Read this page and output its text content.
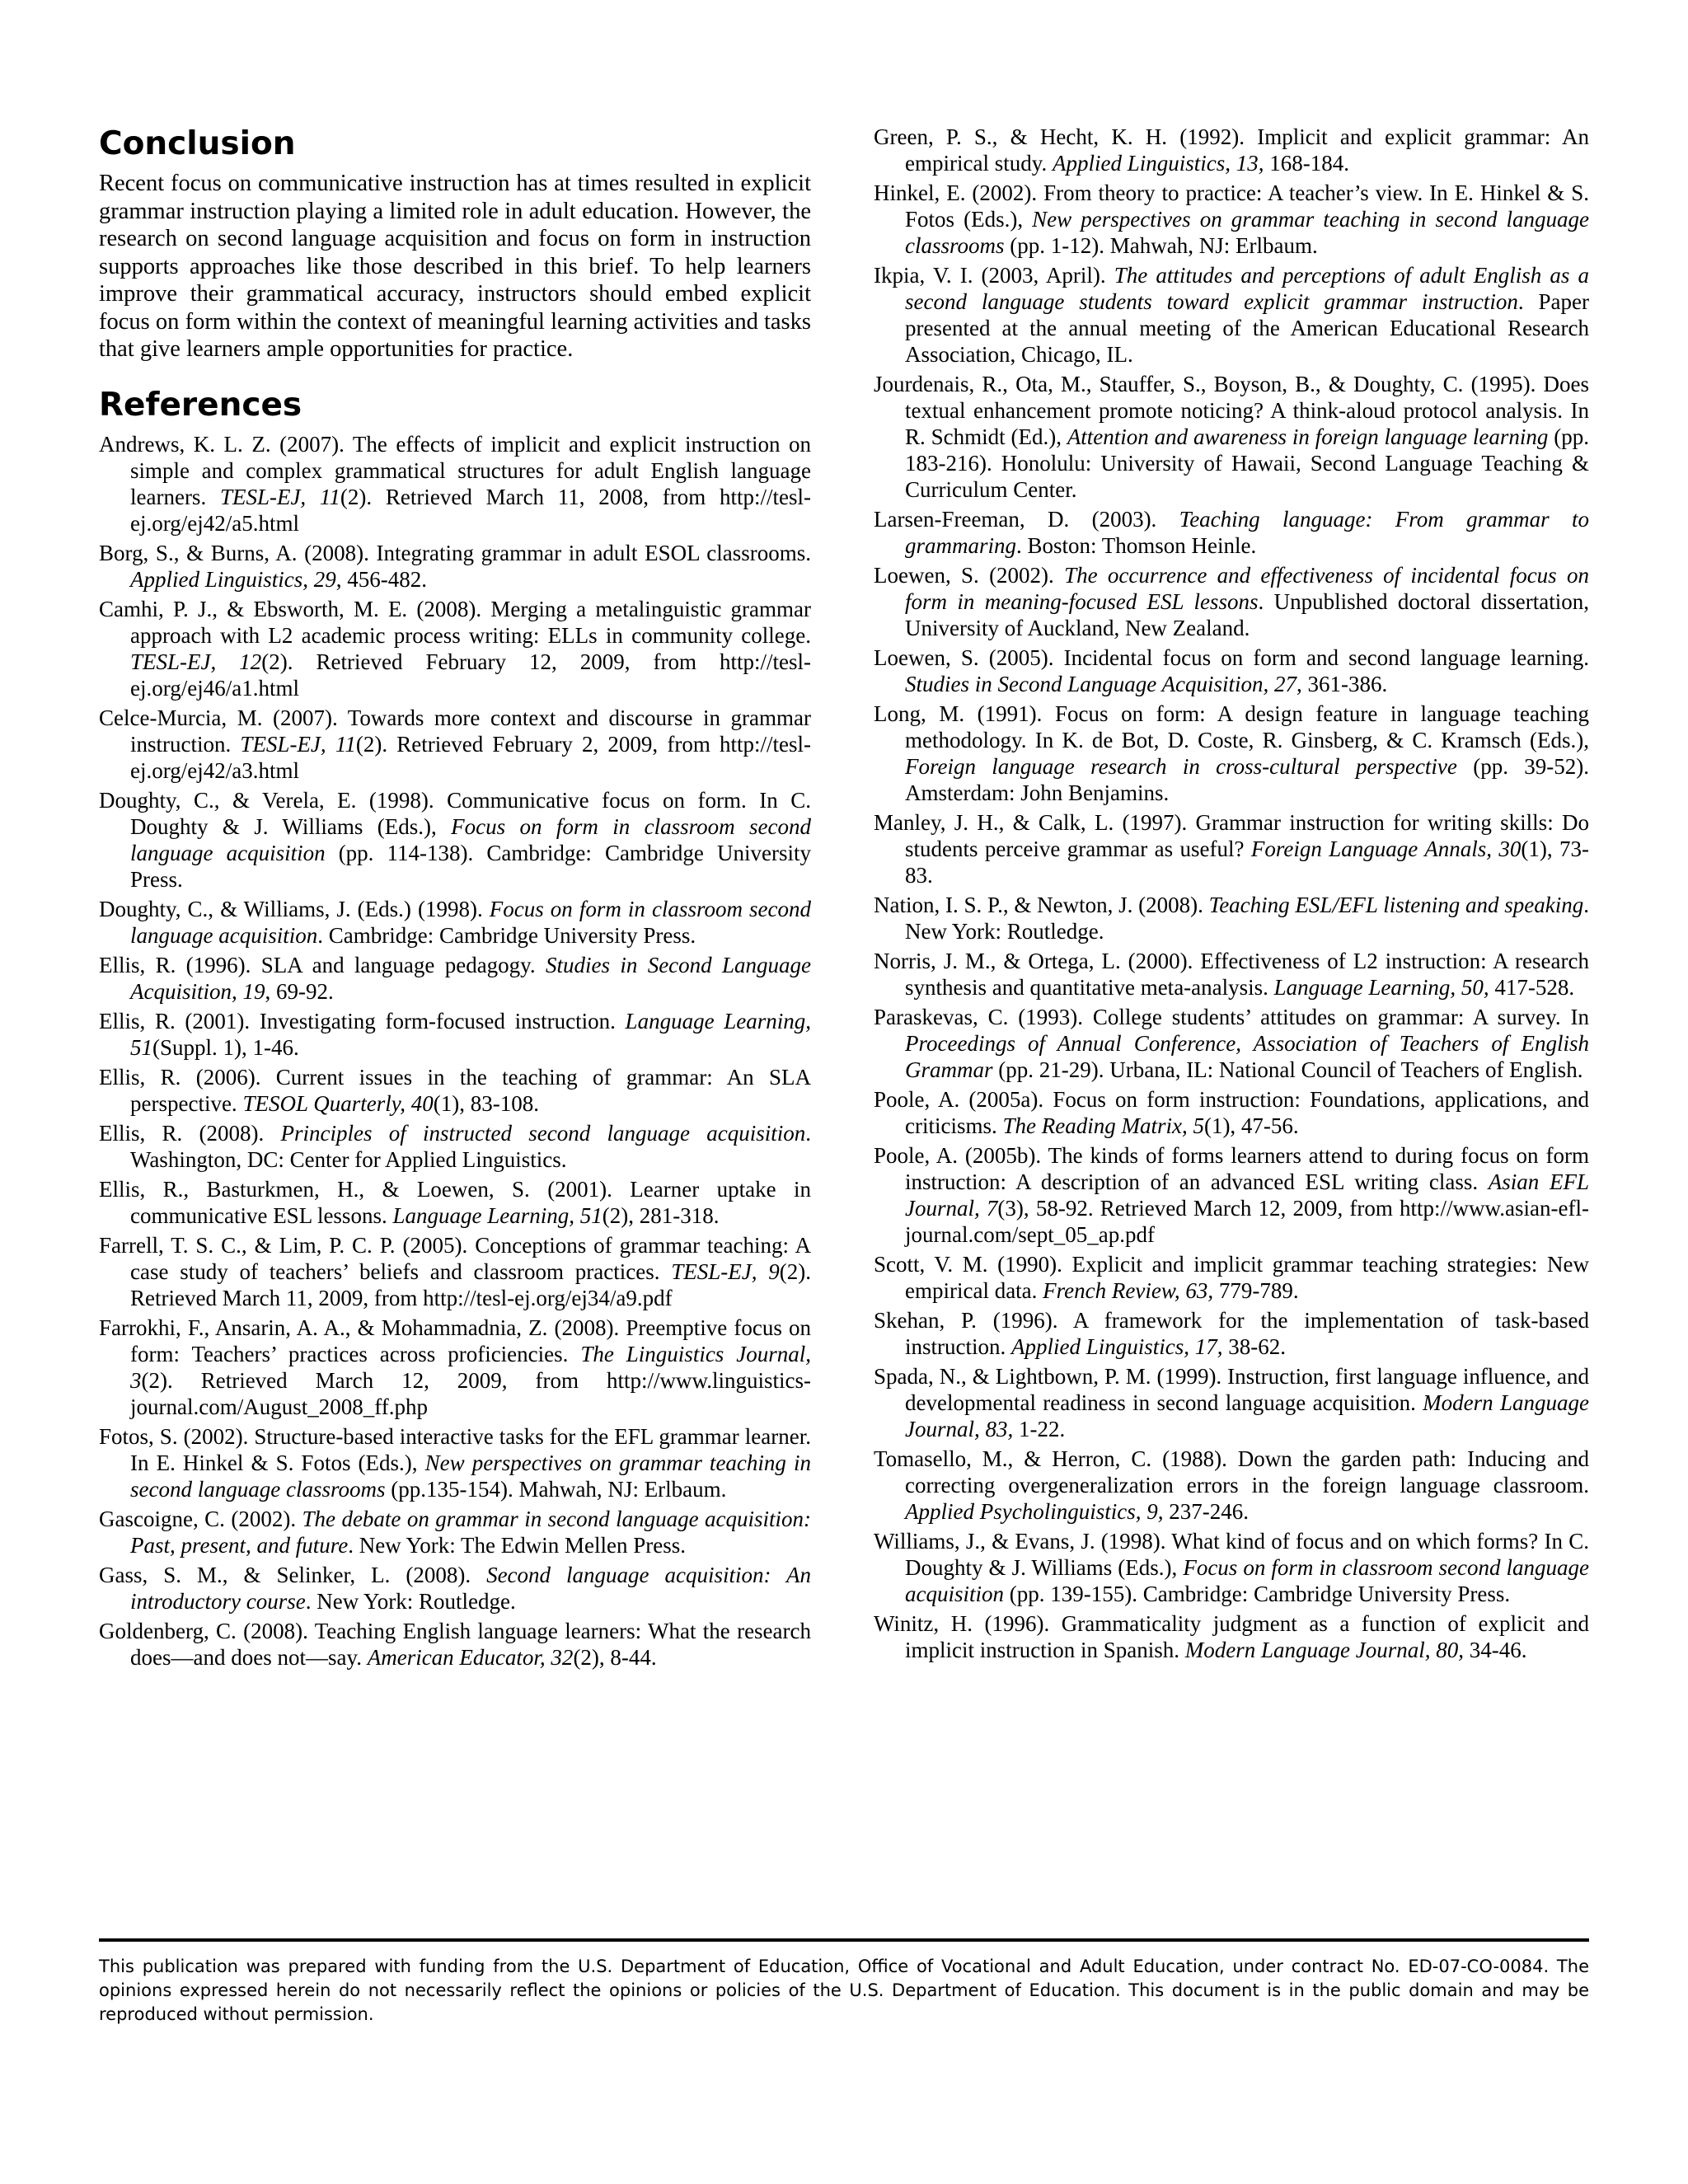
Conclusion

Recent focus on communicative instruction has at times resulted in explicit grammar instruction playing a limited role in adult education. However, the research on second language acquisition and focus on form in instruction supports approaches like those described in this brief. To help learners improve their grammatical accuracy, instructors should embed explicit focus on form within the context of meaningful learning activities and tasks that give learners ample opportunities for practice.

References
Andrews, K. L. Z. (2007). The effects of implicit and explicit instruction on simple and complex grammatical structures for adult English language learners. TESL-EJ, 11(2). Retrieved March 11, 2008, from http://tesl-ej.org/ej42/a5.html
Borg, S., & Burns, A. (2008). Integrating grammar in adult ESOL classrooms. Applied Linguistics, 29, 456-482.
Camhi, P. J., & Ebsworth, M. E. (2008). Merging a metalinguistic grammar approach with L2 academic process writing: ELLs in community college. TESL-EJ, 12(2). Retrieved February 12, 2009, from http://tesl-ej.org/ej46/a1.html
Celce-Murcia, M. (2007). Towards more context and discourse in grammar instruction. TESL-EJ, 11(2). Retrieved February 2, 2009, from http://tesl-ej.org/ej42/a3.html
Doughty, C., & Verela, E. (1998). Communicative focus on form. In C. Doughty & J. Williams (Eds.), Focus on form in classroom second language acquisition (pp. 114-138). Cambridge: Cambridge University Press.
Doughty, C., & Williams, J. (Eds.) (1998). Focus on form in classroom second language acquisition. Cambridge: Cambridge University Press.
Ellis, R. (1996). SLA and language pedagogy. Studies in Second Language Acquisition, 19, 69-92.
Ellis, R. (2001). Investigating form-focused instruction. Language Learning, 51(Suppl. 1), 1-46.
Ellis, R. (2006). Current issues in the teaching of grammar: An SLA perspective. TESOL Quarterly, 40(1), 83-108.
Ellis, R. (2008). Principles of instructed second language acquisition. Washington, DC: Center for Applied Linguistics.
Ellis, R., Basturkmen, H., & Loewen, S. (2001). Learner uptake in communicative ESL lessons. Language Learning, 51(2), 281-318.
Farrell, T. S. C., & Lim, P. C. P. (2005). Conceptions of grammar teaching: A case study of teachers’ beliefs and classroom practices. TESL-EJ, 9(2). Retrieved March 11, 2009, from http://tesl-ej.org/ej34/a9.pdf
Farrokhi, F., Ansarin, A. A., & Mohammadnia, Z. (2008). Preemptive focus on form: Teachers’ practices across proficiencies. The Linguistics Journal, 3(2). Retrieved March 12, 2009, from http://www.linguistics-journal.com/August_2008_ff.php
Fotos, S. (2002). Structure-based interactive tasks for the EFL grammar learner. In E. Hinkel & S. Fotos (Eds.), New perspectives on grammar teaching in second language classrooms (pp.135-154). Mahwah, NJ: Erlbaum.
Gascoigne, C. (2002). The debate on grammar in second language acquisition: Past, present, and future. New York: The Edwin Mellen Press.
Gass, S. M., & Selinker, L. (2008). Second language acquisition: An introductory course. New York: Routledge.
Goldenberg, C. (2008). Teaching English language learners: What the research does—and does not—say. American Educator, 32(2), 8-44.
Green, P. S., & Hecht, K. H. (1992). Implicit and explicit grammar: An empirical study. Applied Linguistics, 13, 168-184.
Hinkel, E. (2002). From theory to practice: A teacher’s view. In E. Hinkel & S. Fotos (Eds.), New perspectives on grammar teaching in second language classrooms (pp. 1-12). Mahwah, NJ: Erlbaum.
Ikpia, V. I. (2003, April). The attitudes and perceptions of adult English as a second language students toward explicit grammar instruction. Paper presented at the annual meeting of the American Educational Research Association, Chicago, IL.
Jourdenais, R., Ota, M., Stauffer, S., Boyson, B., & Doughty, C. (1995). Does textual enhancement promote noticing? A think-aloud protocol analysis. In R. Schmidt (Ed.), Attention and awareness in foreign language learning (pp. 183-216). Honolulu: University of Hawaii, Second Language Teaching & Curriculum Center.
Larsen-Freeman, D. (2003). Teaching language: From grammar to grammaring. Boston: Thomson Heinle.
Loewen, S. (2002). The occurrence and effectiveness of incidental focus on form in meaning-focused ESL lessons. Unpublished doctoral dissertation, University of Auckland, New Zealand.
Loewen, S. (2005). Incidental focus on form and second language learning. Studies in Second Language Acquisition, 27, 361-386.
Long, M. (1991). Focus on form: A design feature in language teaching methodology. In K. de Bot, D. Coste, R. Ginsberg, & C. Kramsch (Eds.), Foreign language research in cross-cultural perspective (pp. 39-52). Amsterdam: John Benjamins.
Manley, J. H., & Calk, L. (1997). Grammar instruction for writing skills: Do students perceive grammar as useful? Foreign Language Annals, 30(1), 73-83.
Nation, I. S. P., & Newton, J. (2008). Teaching ESL/EFL listening and speaking. New York: Routledge.
Norris, J. M., & Ortega, L. (2000). Effectiveness of L2 instruction: A research synthesis and quantitative meta-analysis. Language Learning, 50, 417-528.
Paraskevas, C. (1993). College students’ attitudes on grammar: A survey. In Proceedings of Annual Conference, Association of Teachers of English Grammar (pp. 21-29). Urbana, IL: National Council of Teachers of English.
Poole, A. (2005a). Focus on form instruction: Foundations, applications, and criticisms. The Reading Matrix, 5(1), 47-56.
Poole, A. (2005b). The kinds of forms learners attend to during focus on form instruction: A description of an advanced ESL writing class. Asian EFL Journal, 7(3), 58-92. Retrieved March 12, 2009, from http://www.asian-efl-journal.com/sept_05_ap.pdf
Scott, V. M. (1990). Explicit and implicit grammar teaching strategies: New empirical data. French Review, 63, 779-789.
Skehan, P. (1996). A framework for the implementation of task-based instruction. Applied Linguistics, 17, 38-62.
Spada, N., & Lightbown, P. M. (1999). Instruction, first language influence, and developmental readiness in second language acquisition. Modern Language Journal, 83, 1-22.
Tomasello, M., & Herron, C. (1988). Down the garden path: Inducing and correcting overgeneralization errors in the foreign language classroom. Applied Psycholinguistics, 9, 237-246.
Williams, J., & Evans, J. (1998). What kind of focus and on which forms? In C. Doughty & J. Williams (Eds.), Focus on form in classroom second language acquisition (pp. 139-155). Cambridge: Cambridge University Press.
Winitz, H. (1996). Grammaticality judgment as a function of explicit and implicit instruction in Spanish. Modern Language Journal, 80, 34-46.

This publication was prepared with funding from the U.S. Department of Education, Office of Vocational and Adult Education, under contract No. ED-07-CO-0084. The opinions expressed herein do not necessarily reflect the opinions or policies of the U.S. Department of Education. This document is in the public domain and may be reproduced without permission.
